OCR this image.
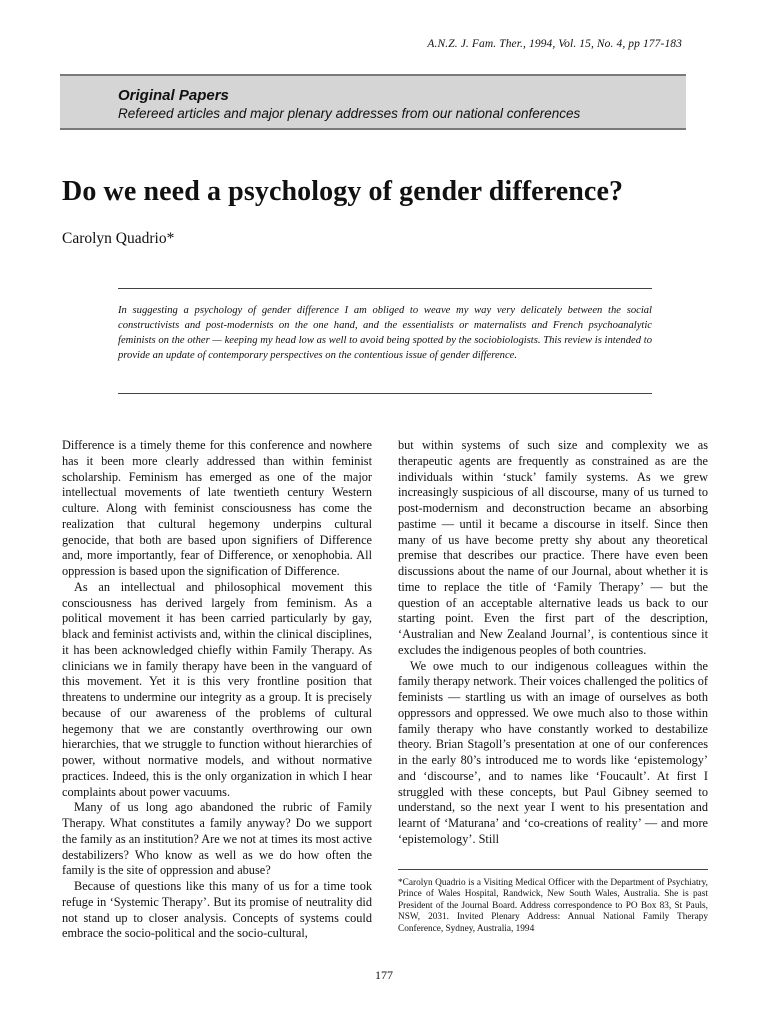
A.N.Z. J. Fam. Ther., 1994, Vol. 15, No. 4, pp 177-183
Original Papers
Refereed articles and major plenary addresses from our national conferences
Do we need a psychology of gender difference?
Carolyn Quadrio*
In suggesting a psychology of gender difference I am obliged to weave my way very delicately between the social constructivists and post-modernists on the one hand, and the essentialists or maternalists and French psychoanalytic feminists on the other — keeping my head low as well to avoid being spotted by the sociobiologists. This review is intended to provide an update of contemporary perspectives on the contentious issue of gender difference.

Difference is a timely theme for this conference and nowhere has it been more clearly addressed than within feminist scholarship. Feminism has emerged as one of the major intellectual movements of late twentieth century Western culture. Along with feminist consciousness has come the realization that cultural hegemony underpins cultural genocide, that both are based upon signifiers of Difference and, more importantly, fear of Difference, or xenophobia. All oppression is based upon the signification of Difference.

As an intellectual and philosophical movement this consciousness has derived largely from feminism. As a political movement it has been carried particularly by gay, black and feminist activists and, within the clinical disciplines, it has been acknowledged chiefly within Family Therapy. As clinicians we in family therapy have been in the vanguard of this movement. Yet it is this very frontline position that threatens to undermine our integrity as a group. It is precisely because of our awareness of the problems of cultural hegemony that we are constantly overthrowing our own hierarchies, that we struggle to function without hierarchies of power, without normative models, and without normative practices. Indeed, this is the only organization in which I hear complaints about power vacuums.

Many of us long ago abandoned the rubric of Family Therapy. What constitutes a family anyway? Do we support the family as an institution? Are we not at times its most active destabilizers? Who know as well as we do how often the family is the site of oppression and abuse?

Because of questions like this many of us for a time took refuge in ‘Systemic Therapy’. But its promise of neutrality did not stand up to closer analysis. Concepts of systems could embrace the socio-political and the socio-cultural,

but within systems of such size and complexity we as therapeutic agents are frequently as constrained as are the individuals within ‘stuck’ family systems. As we grew increasingly suspicious of all discourse, many of us turned to post-modernism and deconstruction became an absorbing pastime — until it became a discourse in itself. Since then many of us have become pretty shy about any theoretical premise that describes our practice. There have even been discussions about the name of our Journal, about whether it is time to replace the title of ‘Family Therapy’ — but the question of an acceptable alternative leads us back to our starting point. Even the first part of the description, ‘Australian and New Zealand Journal’, is contentious since it excludes the indigenous peoples of both countries.

We owe much to our indigenous colleagues within the family therapy network. Their voices challenged the politics of feminists — startling us with an image of ourselves as both oppressors and oppressed. We owe much also to those within family therapy who have constantly worked to destabilize theory. Brian Stagoll’s presentation at one of our conferences in the early 80’s introduced me to words like ‘epistemology’ and ‘discourse’, and to names like ‘Foucault’. At first I struggled with these concepts, but Paul Gibney seemed to understand, so the next year I went to his presentation and learnt of ‘Maturana’ and ‘co-creations of reality’ — and more ‘epistemology’. Still

*Carolyn Quadrio is a Visiting Medical Officer with the Department of Psychiatry, Prince of Wales Hospital, Randwick, New South Wales, Australia. She is past President of the Journal Board. Address correspondence to PO Box 83, St Pauls, NSW, 2031. Invited Plenary Address: Annual National Family Therapy Conference, Sydney, Australia, 1994
177
